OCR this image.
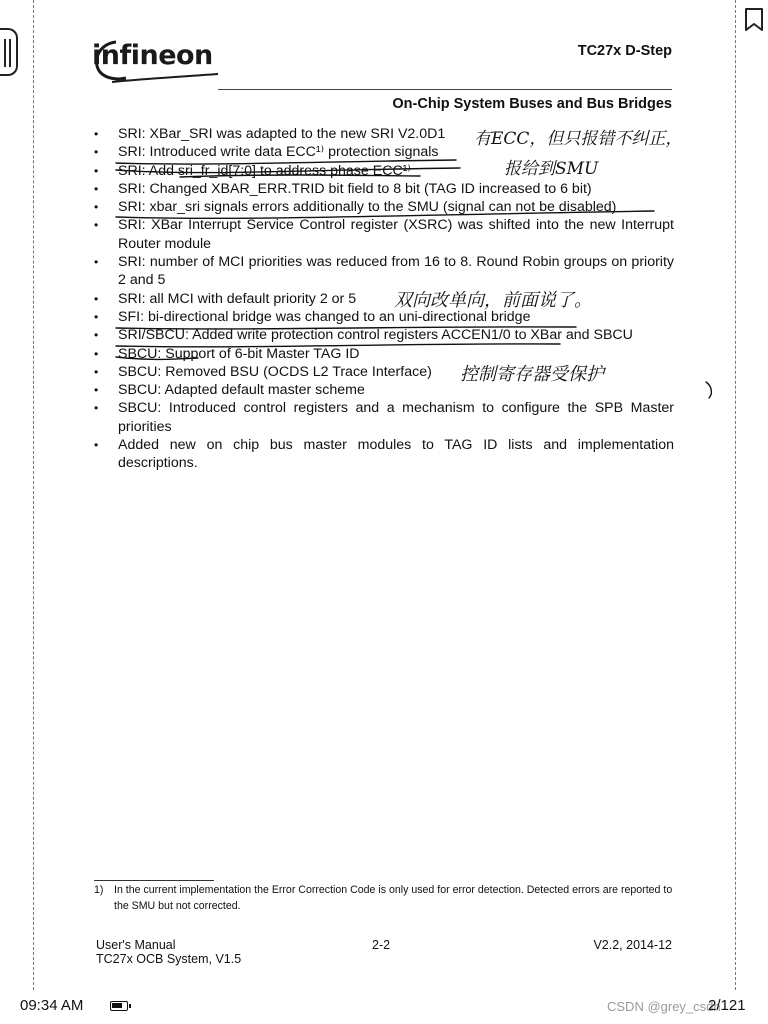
infineon	TC27x D-Step
On-Chip System Buses and Bus Bridges
•	SRI: XBar_SRI was adapted to the new SRI V2.0D1
•	SRI: Introduced write data ECC¹⁾ protection signals
•	SRI: Add sri_fr_id[7:0] to address phase ECC¹⁾
•	SRI: Changed XBAR_ERR.TRID bit field to 8 bit (TAG ID increased to 6 bit)
•	SRI: xbar_sri signals errors additionally to the SMU (signal can not be disabled)
•	SRI: XBar Interrupt Service Control register (XSRC) was shifted into the new Interrupt Router module
•	SRI: number of MCI priorities was reduced from 16 to 8. Round Robin groups on priority 2 and 5
•	SRI: all MCI with default priority 2 or 5
•	SFI: bi-directional bridge was changed to an uni-directional bridge
•	SRI/SBCU: Added write protection control registers ACCEN1/0 to XBar and SBCU
•	SBCU: Support of 6-bit Master TAG ID
•	SBCU: Removed BSU (OCDS L2 Trace Interface)
•	SBCU: Adapted default master scheme
•	SBCU: Introduced control registers and a mechanism to configure the SPB Master priorities
•	Added new on chip bus master modules to TAG ID lists and implementation descriptions.
有ECC，但只报错不纠正，
报给到SMU
双向改单向，前面说了。
控制寄存器受保护
1) In the current implementation the Error Correction Code is only used for error detection. Detected errors are reported to the SMU but not corrected.
User's Manual
TC27x OCB System, V1.5
2-2	V2.2, 2014-12
09:34 AM	CSDN @grey_csdn
2/121
